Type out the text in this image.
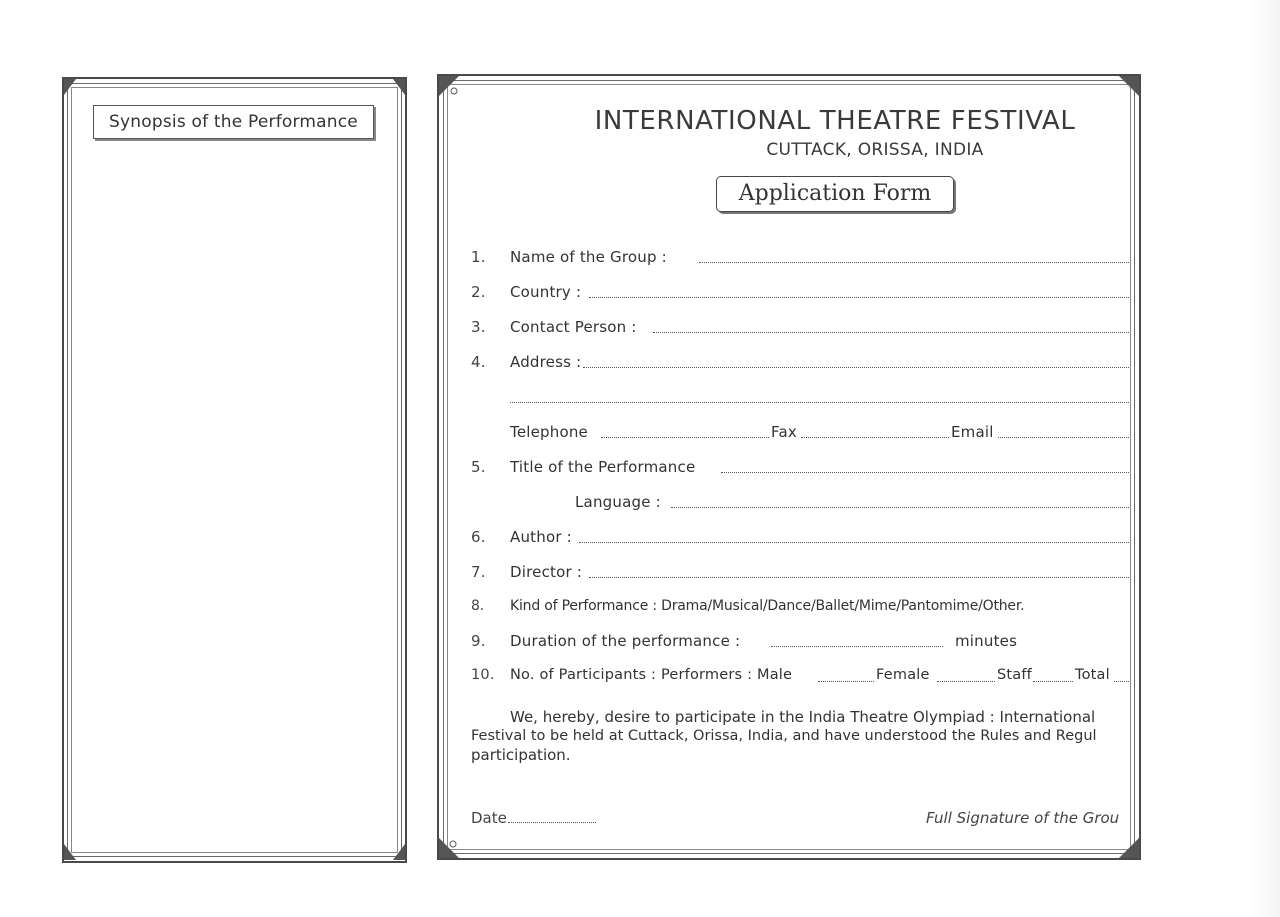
Synopsis of the Performance	INTERNATIONAL THEATRE FESTIVAL
CUTTACK, ORISSA, INDIA
Application Form
1. Name of the Group :
2. Country :
3. Contact Person :
4. Address :
Telephone	Fax	Email
5. Title of the Performance
Language :
6. Author :
7. Director :
8. Kind of Performance : Drama/Musical/Dance/Ballet/Mime/Pantomime/Other.
9. Duration of the performance :	minutes
10. No. of Participants : Performers : Male	Female	Staff	Total
We, hereby, desire to participate in the India Theatre Olympiad : International
Festival to be held at Cuttack, Orissa, India, and have understood the Rules and Regul
participation.
Date	Full Signature of the Grou
